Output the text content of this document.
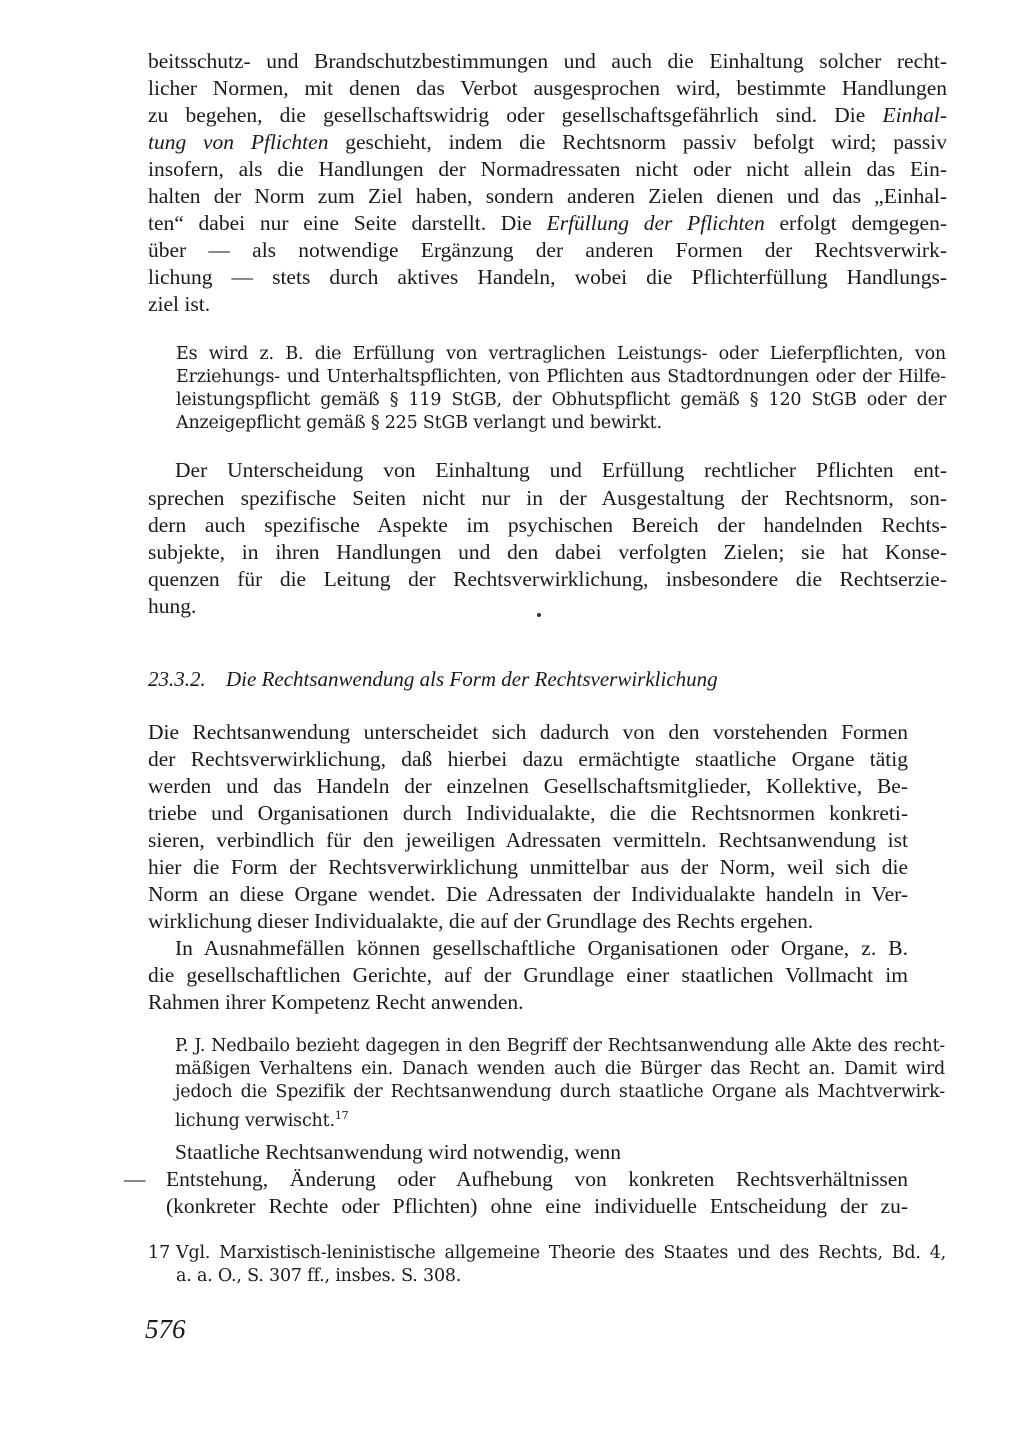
beitsschutz- und Brandschutzbestimmungen und auch die Einhaltung solcher recht-
licher Normen, mit denen das Verbot ausgesprochen wird, bestimmte Handlungen
zu begehen, die gesellschaftswidrig oder gesellschaftsgefährlich sind. Die Einhal-
tung von Pflichten geschieht, indem die Rechtsnorm passiv befolgt wird; passiv
insofern, als die Handlungen der Normadressaten nicht oder nicht allein das Ein-
halten der Norm zum Ziel haben, sondern anderen Zielen dienen und das „Einhal-
ten“ dabei nur eine Seite darstellt. Die Erfüllung der Pflichten erfolgt demgegen-
über — als notwendige Ergänzung der anderen Formen der Rechtsverwirk-
lichung — stets durch aktives Handeln, wobei die Pflichterfüllung Handlungs-
ziel ist.
Es wird z. B. die Erfüllung von vertraglichen Leistungs- oder Lieferpflichten, von
Erziehungs- und Unterhaltspflichten, von Pflichten aus Stadtordnungen oder der Hilfe-
leistungspflicht gemäß § 119 StGB, der Obhutspflicht gemäß § 120 StGB oder der
Anzeigepflicht gemäß § 225 StGB verlangt und bewirkt.
Der Unterscheidung von Einhaltung und Erfüllung rechtlicher Pflichten ent-
sprechen spezifische Seiten nicht nur in der Ausgestaltung der Rechtsnorm, son-
dern auch spezifische Aspekte im psychischen Bereich der handelnden Rechts-
subjekte, in ihren Handlungen und den dabei verfolgten Zielen; sie hat Konse-
quenzen für die Leitung der Rechtsverwirklichung, insbesondere die Rechtserzie-
hung.
23.3.2. Die Rechtsanwendung als Form der Rechtsverwirklichung
Die Rechtsanwendung unterscheidet sich dadurch von den vorstehenden Formen
der Rechtsverwirklichung, daß hierbei dazu ermächtigte staatliche Organe tätig
werden und das Handeln der einzelnen Gesellschaftsmitglieder, Kollektive, Be-
triebe und Organisationen durch Individualakte, die die Rechtsnormen konkreti-
sieren, verbindlich für den jeweiligen Adressaten vermitteln. Rechtsanwendung ist
hier die Form der Rechtsverwirklichung unmittelbar aus der Norm, weil sich die
Norm an diese Organe wendet. Die Adressaten der Individualakte handeln in Ver-
wirklichung dieser Individualakte, die auf der Grundlage des Rechts ergehen.
In Ausnahmefällen können gesellschaftliche Organisationen oder Organe, z. B.
die gesellschaftlichen Gerichte, auf der Grundlage einer staatlichen Vollmacht im
Rahmen ihrer Kompetenz Recht anwenden.
P. J. Nedbailo bezieht dagegen in den Begriff der Rechtsanwendung alle Akte des recht-
mäßigen Verhaltens ein. Danach wenden auch die Bürger das Recht an. Damit wird
jedoch die Spezifik der Rechtsanwendung durch staatliche Organe als Machtverwirk-
lichung verwischt.$^{17}$
Staatliche Rechtsanwendung wird notwendig, wenn
— Entstehung, Änderung oder Aufhebung von konkreten Rechtsverhältnissen
(konkreter Rechte oder Pflichten) ohne eine individuelle Entscheidung der zu-
17 Vgl. Marxistisch-leninistische allgemeine Theorie des Staates und des Rechts, Bd. 4,
a. a. O., S. 307 ff., insbes. S. 308.
576
